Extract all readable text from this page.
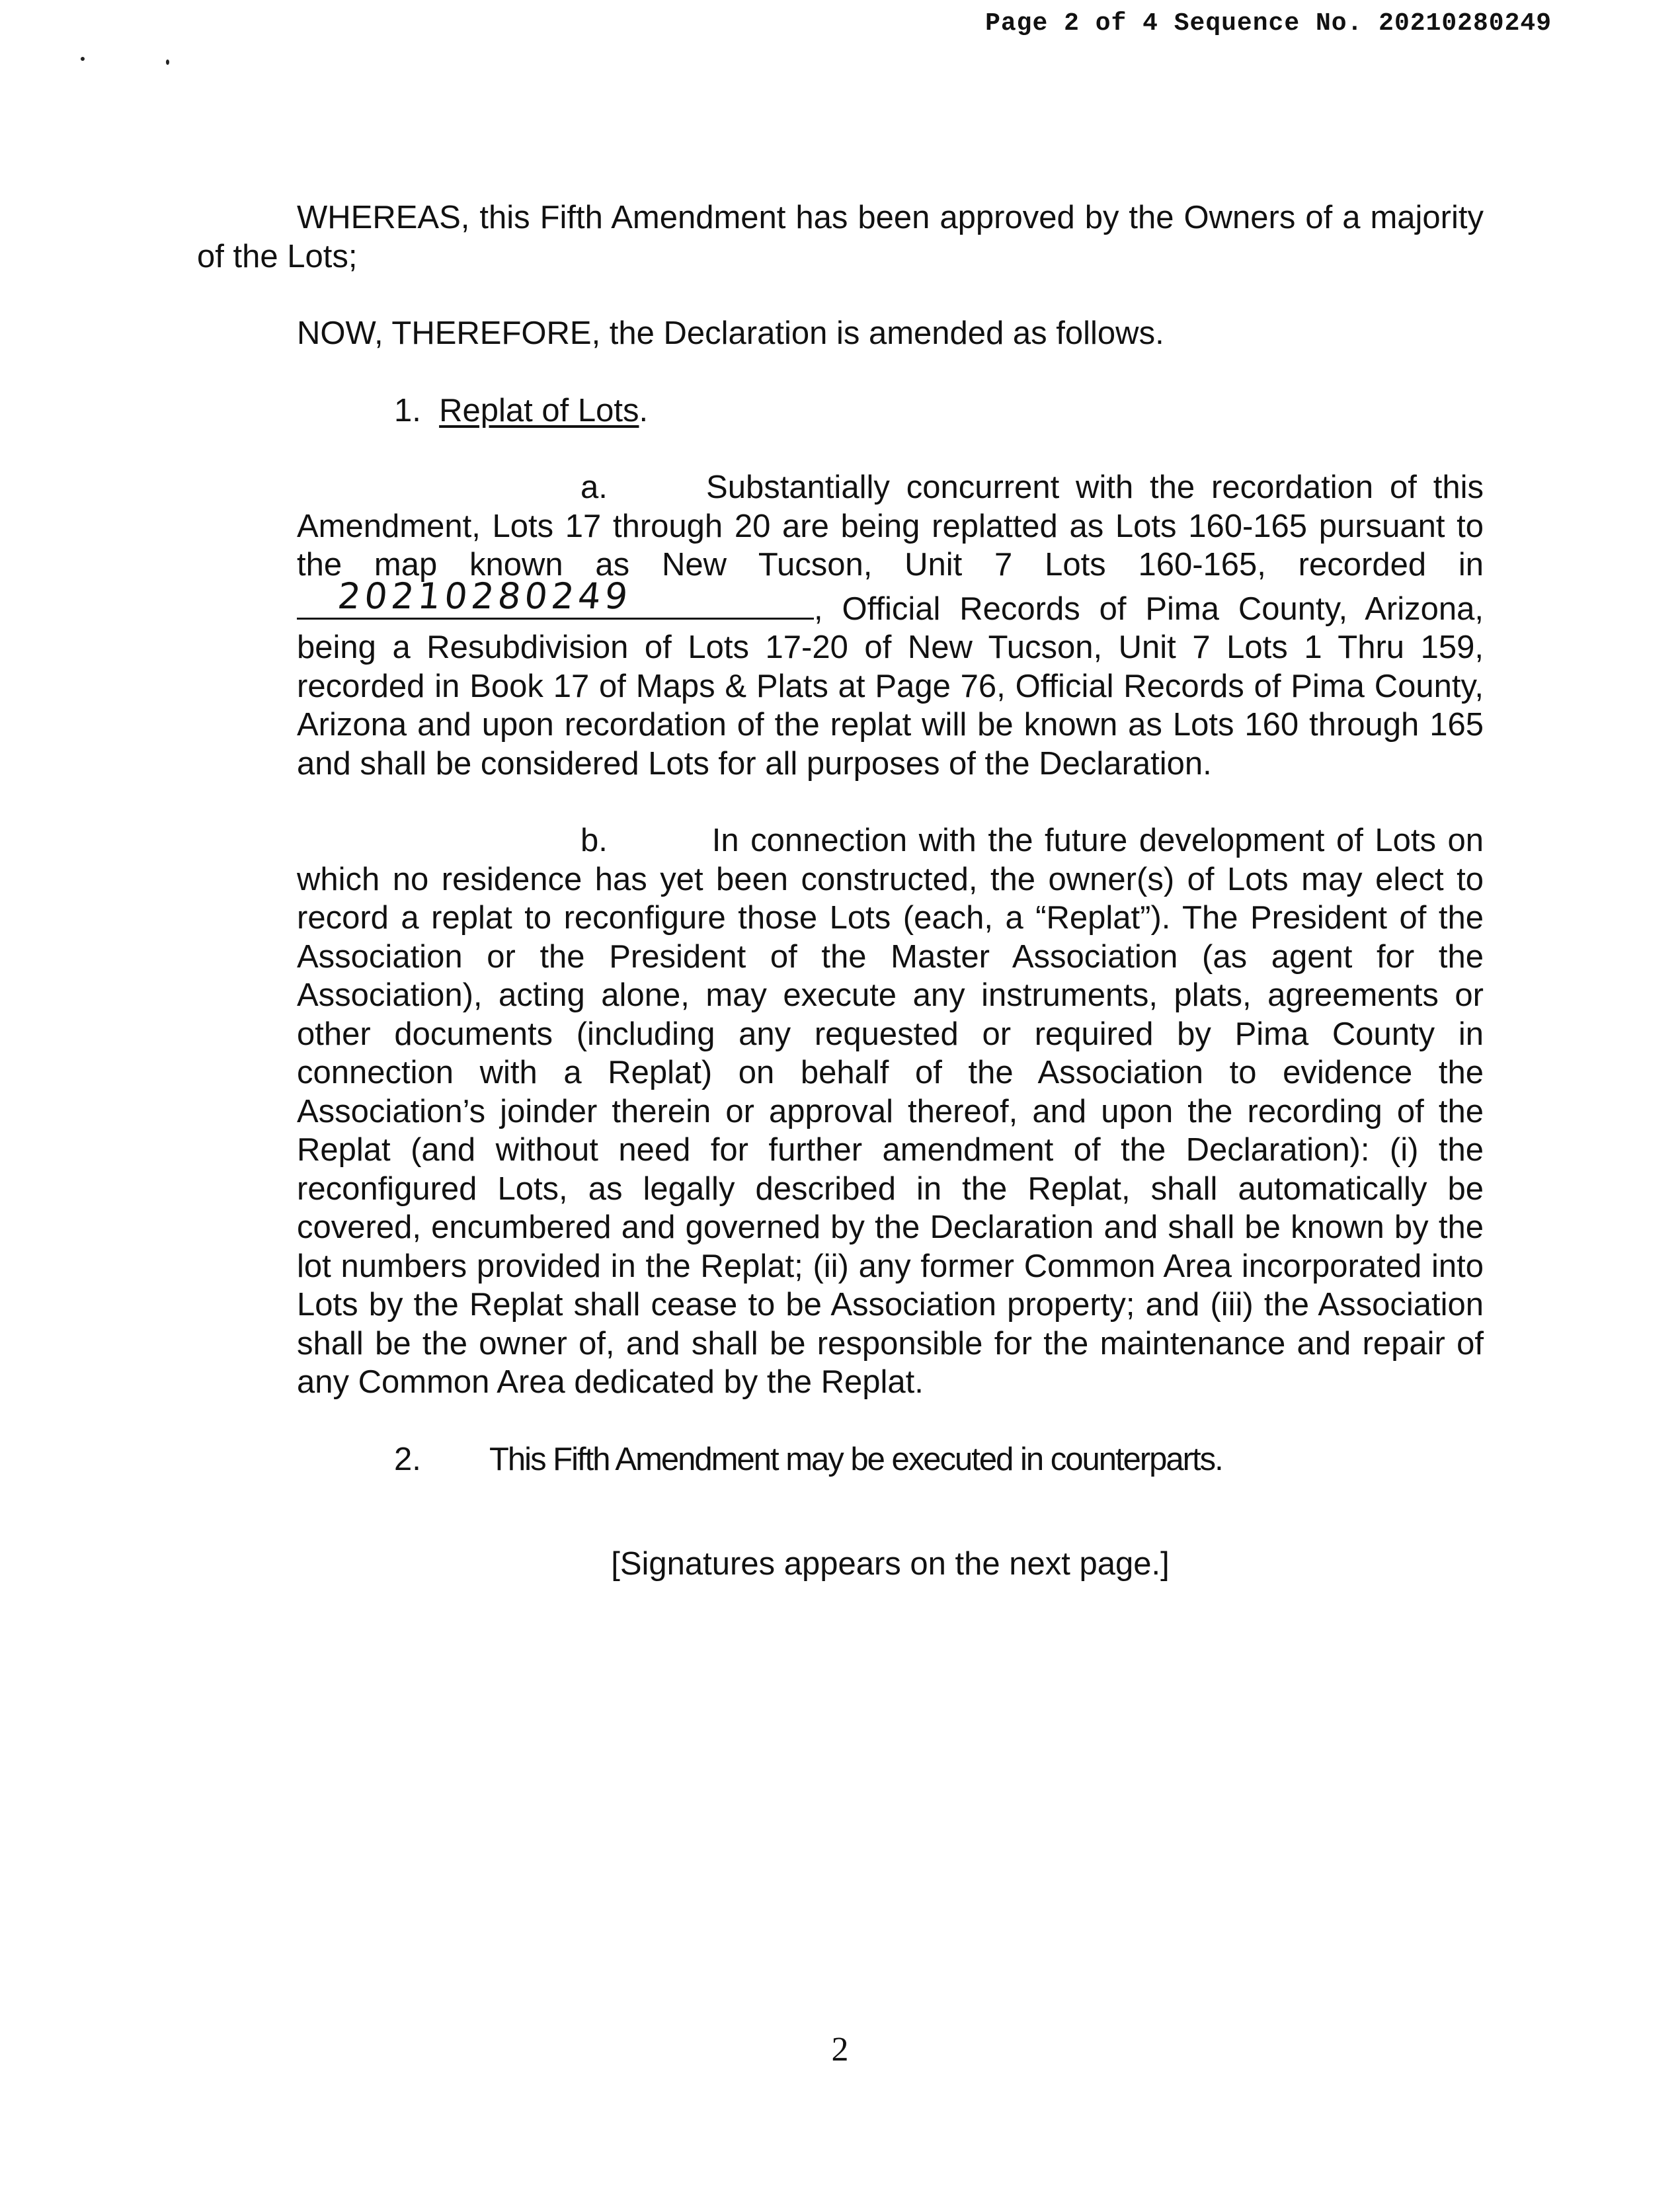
Page 2 of 4 Sequence No. 20210280249

WHEREAS, this Fifth Amendment has been approved by the Owners of a majority of the Lots;

NOW, THEREFORE, the Declaration is amended as follows.

1. Replat of Lots.

a.	Substantially concurrent with the recordation of this Amendment, Lots 17 through 20 are being replatted as Lots 160-165 pursuant to the map known as New Tucson, Unit 7 Lots 160-165, recorded in
20210280249	, Official Records of Pima County, Arizona, being a Resubdivision of Lots 17-20 of New Tucson, Unit 7 Lots 1 Thru 159, recorded in Book 17 of Maps & Plats at Page 76, Official Records of Pima County, Arizona and upon recordation of the replat will be known as Lots 160 through 165 and shall be considered Lots for all purposes of the Declaration.

b.	In connection with the future development of Lots on which no residence has yet been constructed, the owner(s) of Lots may elect to record a replat to reconfigure those Lots (each, a “Replat”). The President of the Association or the President of the Master Association (as agent for the Association), acting alone, may execute any instruments, plats, agreements or other documents (including any requested or required by Pima County in connection with a Replat) on behalf of the Association to evidence the Association’s joinder therein or approval thereof, and upon the recording of the Replat (and without need for further amendment of the Declaration): (i) the reconfigured Lots, as legally described in the Replat, shall automatically be covered, encumbered and governed by the Declaration and shall be known by the lot numbers provided in the Replat; (ii) any former Common Area incorporated into Lots by the Replat shall cease to be Association property; and (iii) the Association shall be the owner of, and shall be responsible for the maintenance and repair of any Common Area dedicated by the Replat.

2. This Fifth Amendment may be executed in counterparts.

[Signatures appears on the next page.]

2
